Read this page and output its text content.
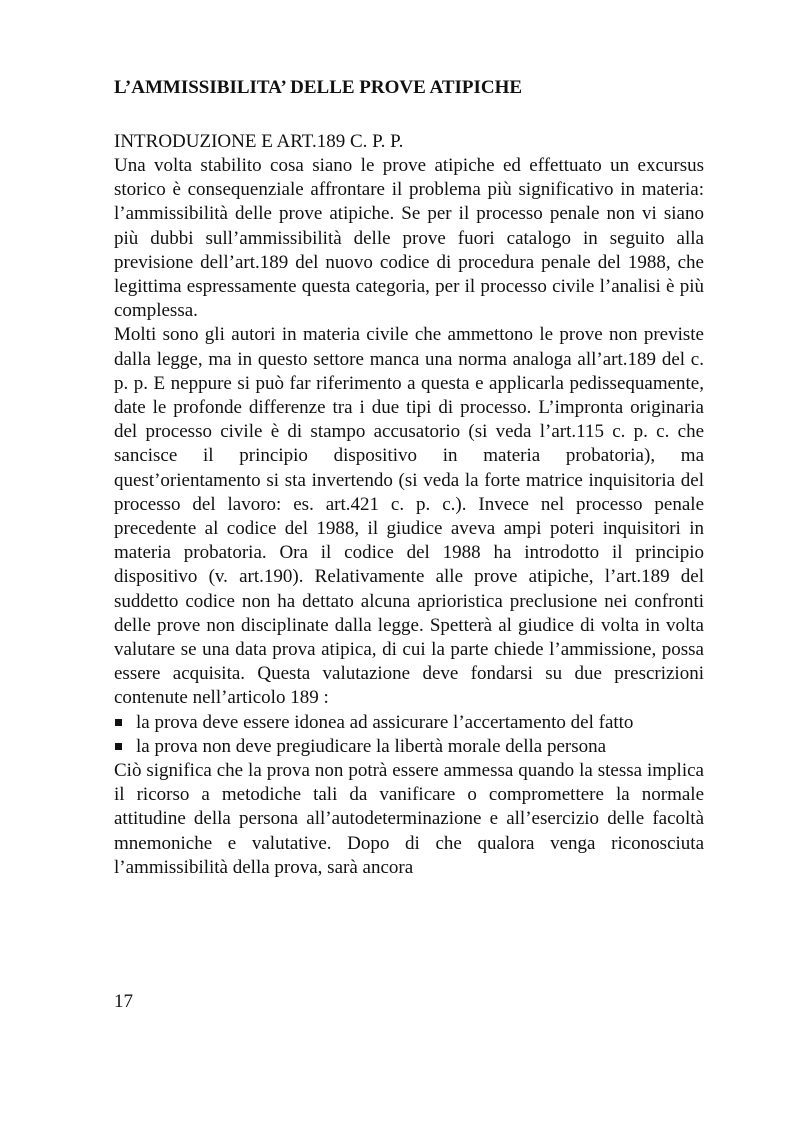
L’AMMISSIBILITA’ DELLE PROVE ATIPICHE
INTRODUZIONE E ART.189 C. P. P.

Una volta stabilito cosa siano le prove atipiche ed effettuato un excursus storico è consequenziale affrontare il problema più significativo in materia: l’ammissibilità delle prove atipiche. Se per il processo penale non vi siano più dubbi sull’ammissibilità delle prove fuori catalogo in seguito alla previsione dell’art.189 del nuovo codice di procedura penale del 1988, che legittima espressamente questa categoria, per il processo civile l’analisi è più complessa.

Molti sono gli autori in materia civile che ammettono le prove non previste dalla legge, ma in questo settore manca una norma analoga all’art.189 del c. p. p. E neppure si può far riferimento a questa e applicarla pedissequamente, date le profonde differenze tra i due tipi di processo. L’impronta originaria del processo civile è di stampo accusatorio (si veda l’art.115 c. p. c. che sancisce il principio dispositivo in materia probatoria), ma quest’orientamento si sta invertendo (si veda la forte matrice inquisitoria del processo del lavoro: es. art.421 c. p. c.). Invece nel processo penale precedente al codice del 1988, il giudice aveva ampi poteri inquisitori in materia probatoria. Ora il codice del 1988 ha introdotto il principio dispositivo (v. art.190). Relativamente alle prove atipiche, l’art.189 del suddetto codice non ha dettato alcuna aprioristica preclusione nei confronti delle prove non disciplinate dalla legge. Spetterà al giudice di volta in volta valutare se una data prova atipica, di cui la parte chiede l’ammissione, possa essere acquisita. Questa valutazione deve fondarsi su due prescrizioni contenute nell’articolo 189 :

la prova deve essere idonea ad assicurare l’accertamento del fatto
la prova non deve pregiudicare la libertà morale della persona

Ciò significa che la prova non potrà essere ammessa quando la stessa implica il ricorso a metodiche tali da vanificare o compromettere la normale attitudine della persona all’autodeterminazione e all’esercizio delle facoltà mnemoniche e valutative. Dopo di che qualora venga riconosciuta l’ammissibilità della prova, sarà ancora

17
